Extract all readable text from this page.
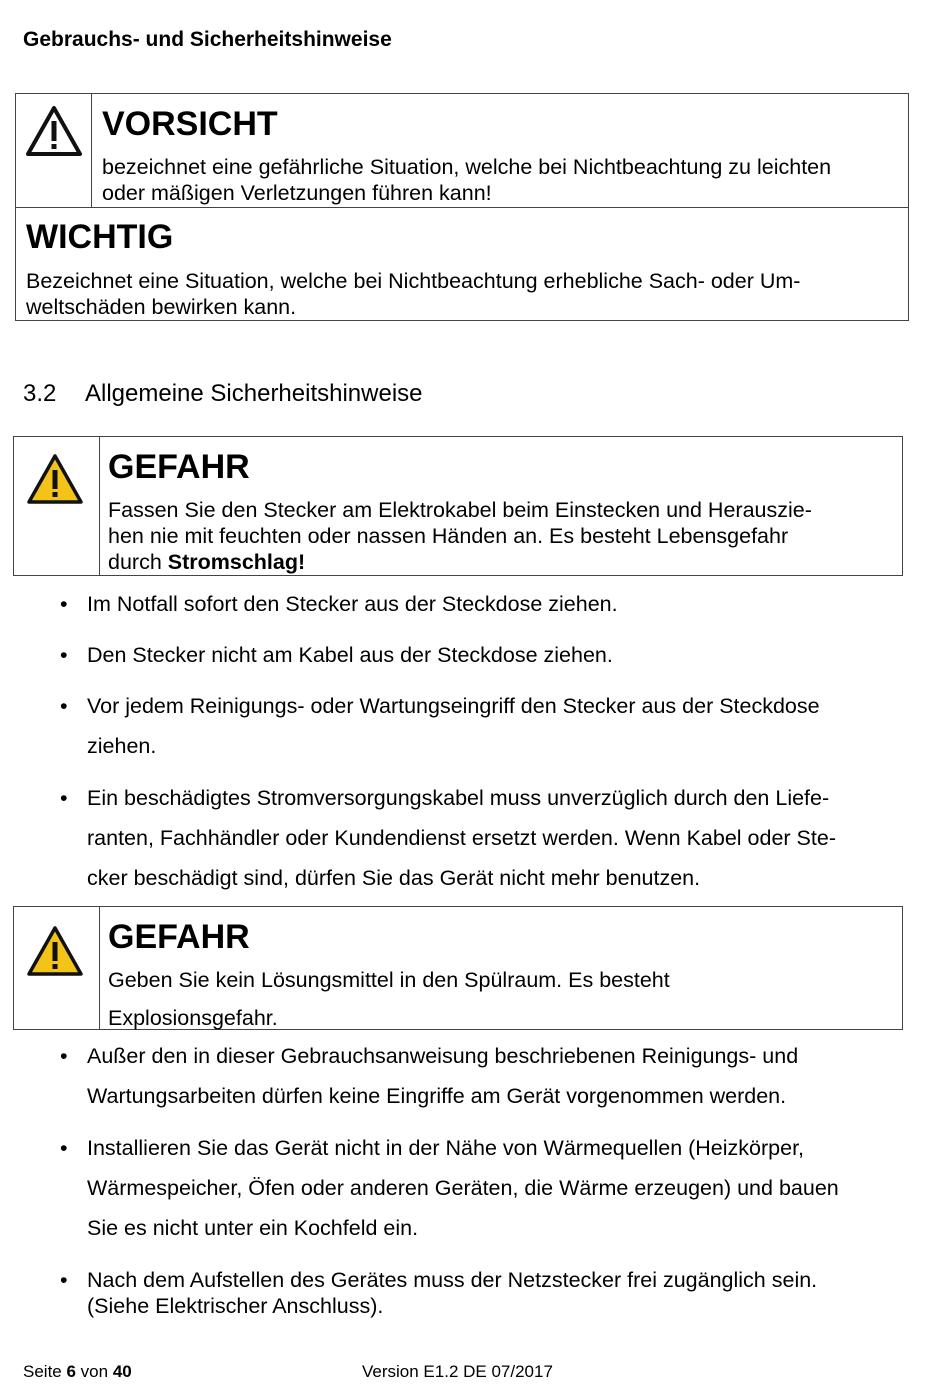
Gebrauchs- und Sicherheitshinweise
VORSICHT
bezeichnet eine gefährliche Situation, welche bei Nichtbeachtung zu leichten
oder mäßigen Verletzungen führen kann!
WICHTIG
Bezeichnet eine Situation, welche bei Nichtbeachtung erhebliche Sach- oder Um-
weltschäden bewirken kann.
3.2 Allgemeine Sicherheitshinweise
GEFAHR
Fassen Sie den Stecker am Elektrokabel beim Einstecken und Herauszie-
hen nie mit feuchten oder nassen Händen an. Es besteht Lebensgefahr
durch Stromschlag!
• Im Notfall sofort den Stecker aus der Steckdose ziehen.
• Den Stecker nicht am Kabel aus der Steckdose ziehen.
• Vor jedem Reinigungs- oder Wartungseingriff den Stecker aus der Steckdose
ziehen.
• Ein beschädigtes Stromversorgungskabel muss unverzüglich durch den Liefe-
ranten, Fachhändler oder Kundendienst ersetzt werden. Wenn Kabel oder Ste-
cker beschädigt sind, dürfen Sie das Gerät nicht mehr benutzen.
GEFAHR
Geben Sie kein Lösungsmittel in den Spülraum. Es besteht
Explosionsgefahr.
• Außer den in dieser Gebrauchsanweisung beschriebenen Reinigungs- und
Wartungsarbeiten dürfen keine Eingriffe am Gerät vorgenommen werden.
• Installieren Sie das Gerät nicht in der Nähe von Wärmequellen (Heizkörper,
Wärmespeicher, Öfen oder anderen Geräten, die Wärme erzeugen) und bauen
Sie es nicht unter ein Kochfeld ein.
• Nach dem Aufstellen des Gerätes muss der Netzstecker frei zugänglich sein.
(Siehe Elektrischer Anschluss).
Seite 6 von 40	Version E1.2 DE 07/2017
